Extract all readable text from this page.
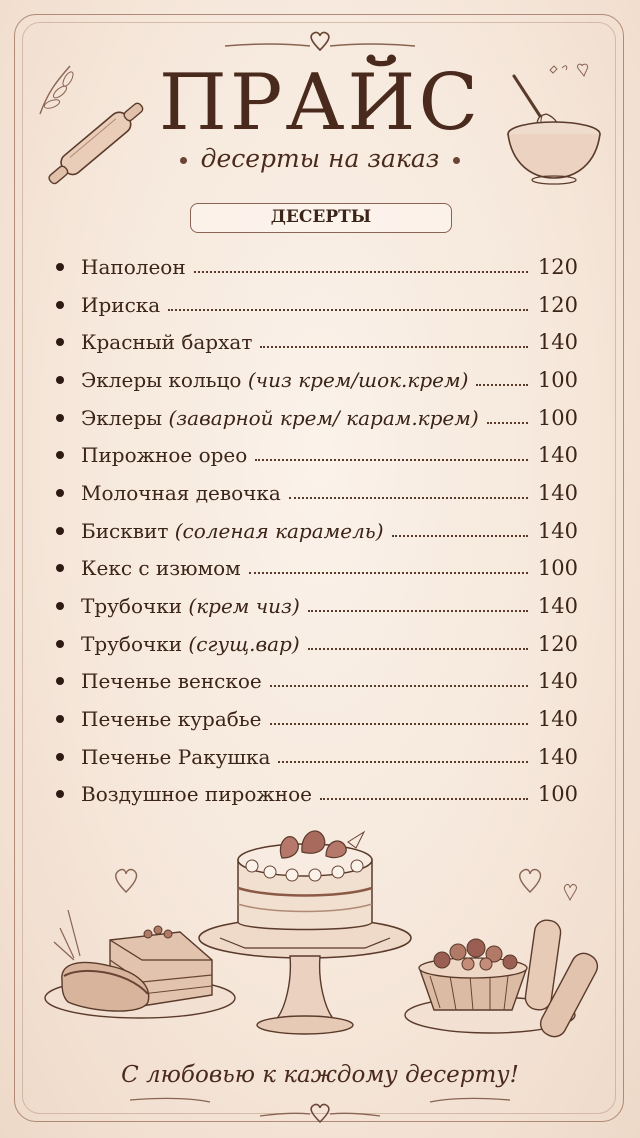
ПРАЙС
десерты на заказ
ДЕСЕРТЫ
Наполеон	120
Ириска	120
Красный бархат	140
Эклеры кольцо (чиз крем/шок.крем)	100
Эклеры (заварной крем/ карам.крем)	100
Пирожное орео	140
Молочная девочка	140
Бисквит (соленая карамель)	140
Кекс с изюмом	100
Трубочки (крем чиз)	140
Трубочки (сгущ.вар)	120
Печенье венское	140
Печенье курабье	140
Печенье Ракушка	140
Воздушное пирожное	100
С любовью к каждому десерту!
